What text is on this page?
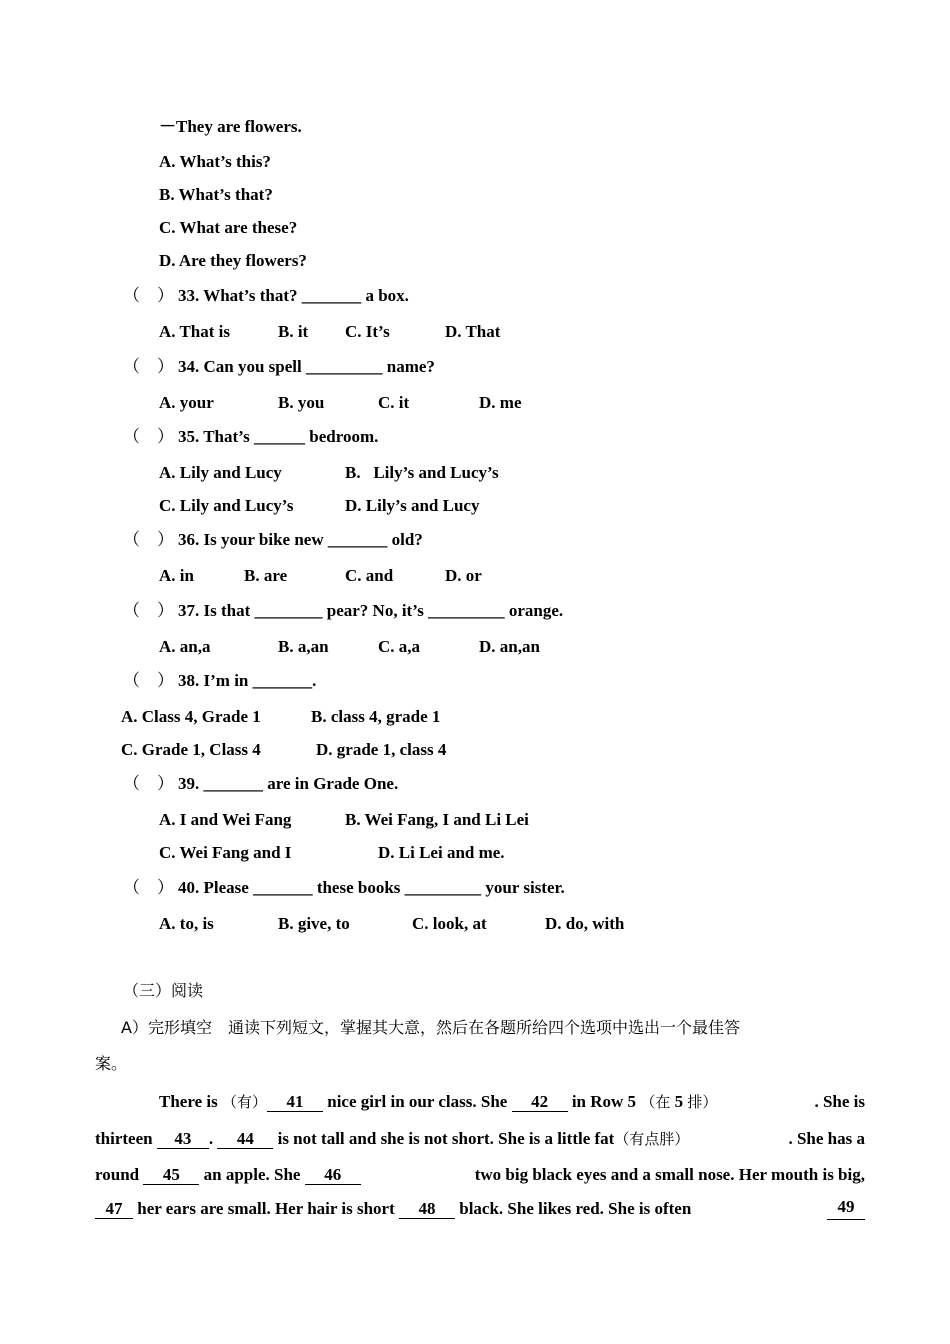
－They are flowers.
A. What’s this?
B. What’s that?
C. What are these?
D. Are they flowers?
（　） 33. What’s that? _______ a box.
A. That is	B. it C. It’s	D. That
（　） 34. Can you spell _________ name?
A. your	B. you	C. it	D. me
（　） 35. That’s ______ bedroom.
A. Lily and Lucy	B.   Lily’s and Lucy’s
C. Lily and Lucy’s	D. Lily’s and Lucy
（　） 36. Is your bike new _______ old?
A. in	B. are	C. and	D. or
（　） 37. Is that ________ pear? No, it’s _________ orange.
A. an,a	B. a,an	C. a,a	D. an,an
（　） 38. I’m in _______.
A. Class 4, Grade 1	B. class 4, grade 1
C. Grade 1, Class 4	D. grade 1, class 4
（　） 39. _______ are in Grade One.
A. I and Wei Fang	B. Wei Fang, I and Li Lei
C. Wei Fang and I	D. Li Lei and me.
（　） 40. Please _______ these books _________ your sister.
A. to, is	B. give, to	C. look, at	D. do, with
（三）阅读
A）完形填空　通读下列短文，掌握其大意，然后在各题所给四个选项中选出一个最佳答
案。
There is （有） 41 nice girl in our class. She 42 in Row 5 （在 5 排）	. She is
thirteen 43 . 44 is not tall and she is not short. She is a little fat（有点胖）	. She has a
round 45 an apple. She 46	two big black eyes and a small nose. Her mouth is big,
47 her ears are small. Her hair is short 48 black. She likes red. She is often	49
